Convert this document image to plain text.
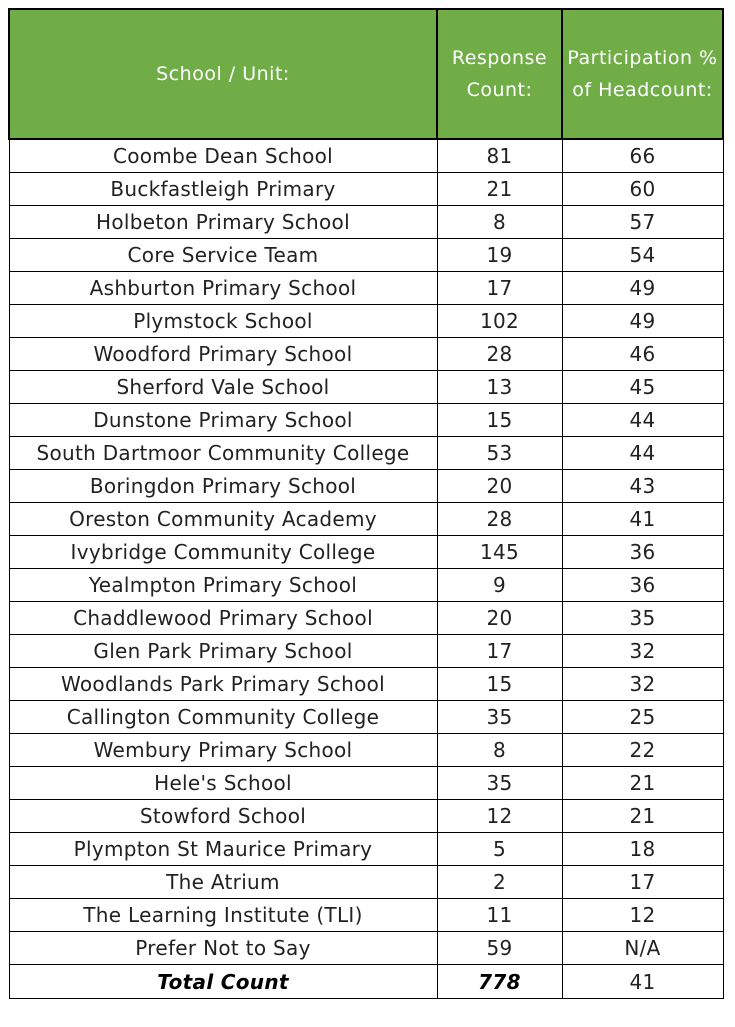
School / Unit:	Response Count:	Participation % of Headcount:
Coombe Dean School	81	66
Buckfastleigh Primary	21	60
Holbeton Primary School	8	57
Core Service Team	19	54
Ashburton Primary School	17	49
Plymstock School	102	49
Woodford Primary School	28	46
Sherford Vale School	13	45
Dunstone Primary School	15	44
South Dartmoor Community College	53	44
Boringdon Primary School	20	43
Oreston Community Academy	28	41
Ivybridge Community College	145	36
Yealmpton Primary School	9	36
Chaddlewood Primary School	20	35
Glen Park Primary School	17	32
Woodlands Park Primary School	15	32
Callington Community College	35	25
Wembury Primary School	8	22
Hele's School	35	21
Stowford School	12	21
Plympton St Maurice Primary	5	18
The Atrium	2	17
The Learning Institute (TLI)	11	12
Prefer Not to Say	59	N/A
Total Count	778	41
